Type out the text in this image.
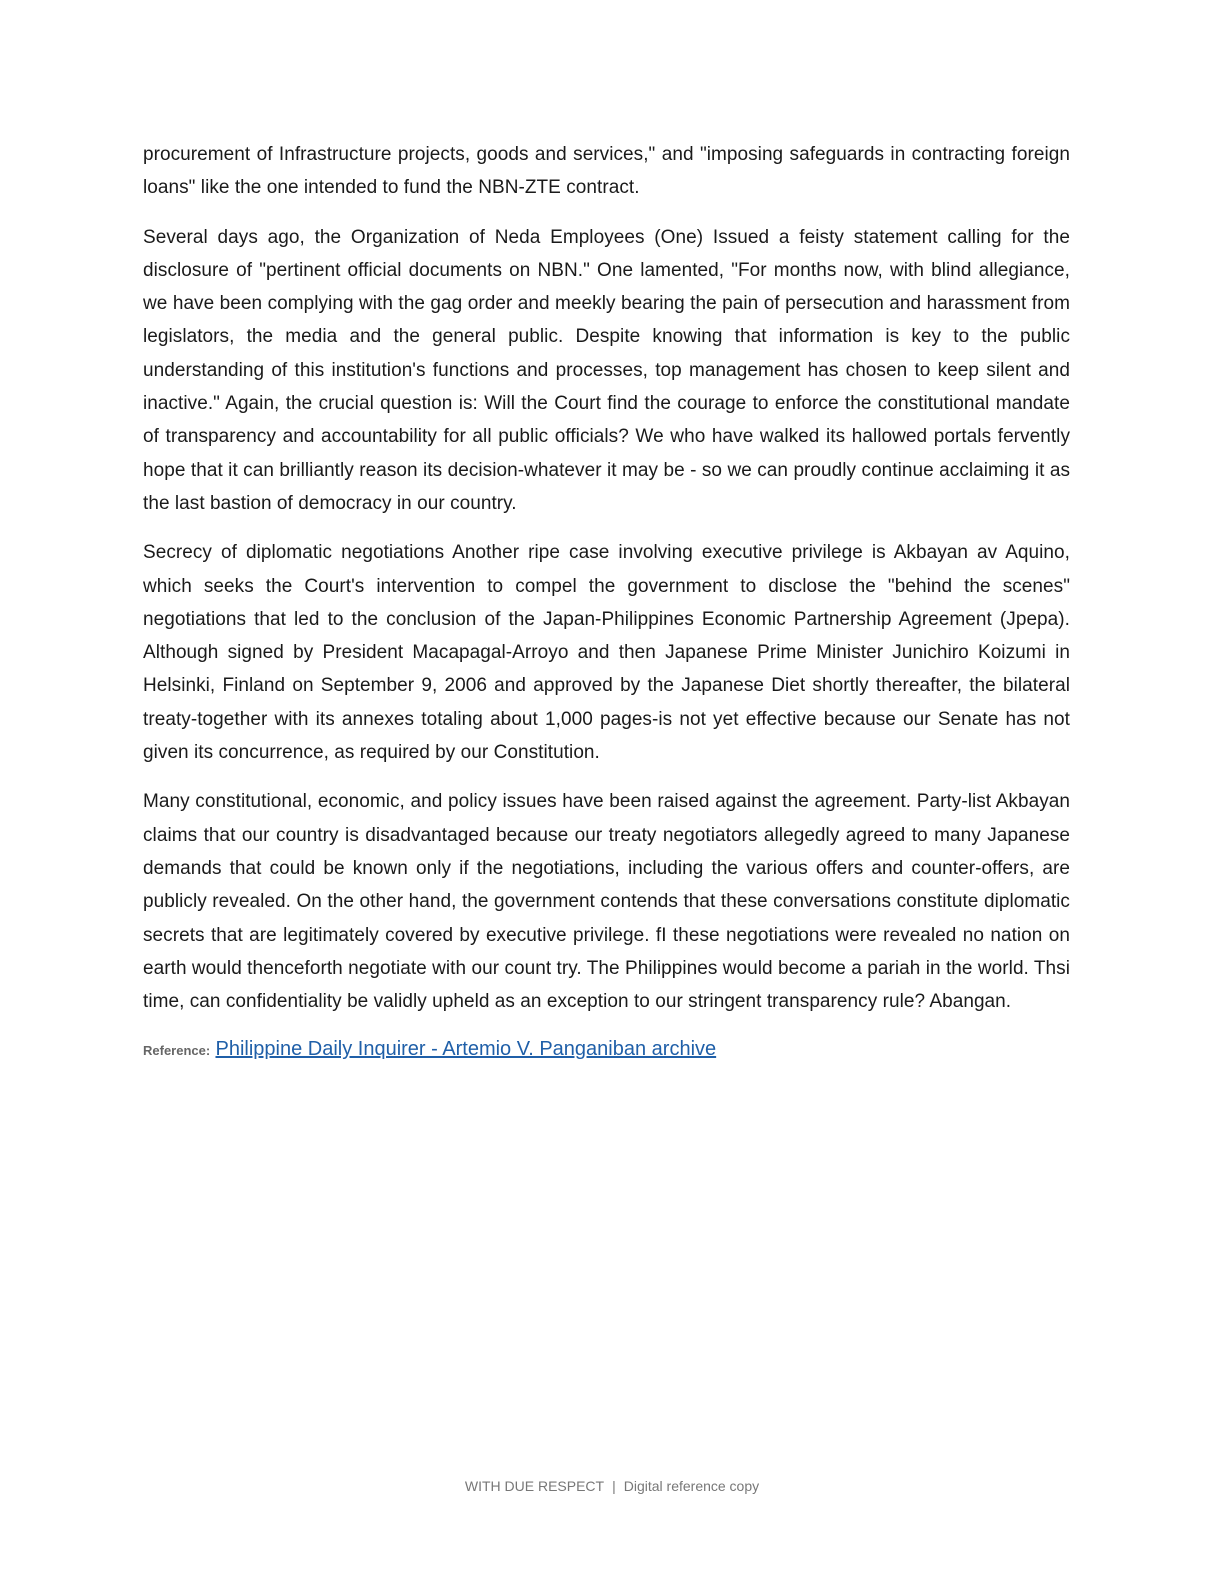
procurement of Infrastructure projects, goods and services," and "imposing safeguards in contracting foreign loans" like the one intended to fund the NBN-ZTE contract.

Several days ago, the Organization of Neda Employees (One) Issued a feisty statement calling for the disclosure of "pertinent official documents on NBN." One lamented, "For months now, with blind allegiance, we have been complying with the gag order and meekly bearing the pain of persecution and harassment from legislators, the media and the general public. Despite knowing that information is key to the public understanding of this institution's functions and processes, top management has chosen to keep silent and inactive." Again, the crucial question is: Will the Court find the courage to enforce the constitutional mandate of transparency and accountability for all public officials? We who have walked its hallowed portals fervently hope that it can brilliantly reason its decision-whatever it may be - so we can proudly continue acclaiming it as the last bastion of democracy in our country.

Secrecy of diplomatic negotiations Another ripe case involving executive privilege is Akbayan av Aquino, which seeks the Court's intervention to compel the government to disclose the "behind the scenes" negotiations that led to the conclusion of the Japan-Philippines Economic Partnership Agreement (Jpepa). Although signed by President Macapagal-Arroyo and then Japanese Prime Minister Junichiro Koizumi in Helsinki, Finland on September 9, 2006 and approved by the Japanese Diet shortly thereafter, the bilateral treaty-together with its annexes totaling about 1,000 pages-is not yet effective because our Senate has not given its concurrence, as required by our Constitution.

Many constitutional, economic, and policy issues have been raised against the agreement. Party-list Akbayan claims that our country is disadvantaged because our treaty negotiators allegedly agreed to many Japanese demands that could be known only if the negotiations, including the various offers and counter-offers, are publicly revealed. On the other hand, the government contends that these conversations constitute diplomatic secrets that are legitimately covered by executive privilege. fI these negotiations were revealed no nation on earth would thenceforth negotiate with our count try. The Philippines would become a pariah in the world. Thsi time, can confidentiality be validly upheld as an exception to our stringent transparency rule? Abangan.

Reference: Philippine Daily Inquirer - Artemio V. Panganiban archive
WITH DUE RESPECT | Digital reference copy
